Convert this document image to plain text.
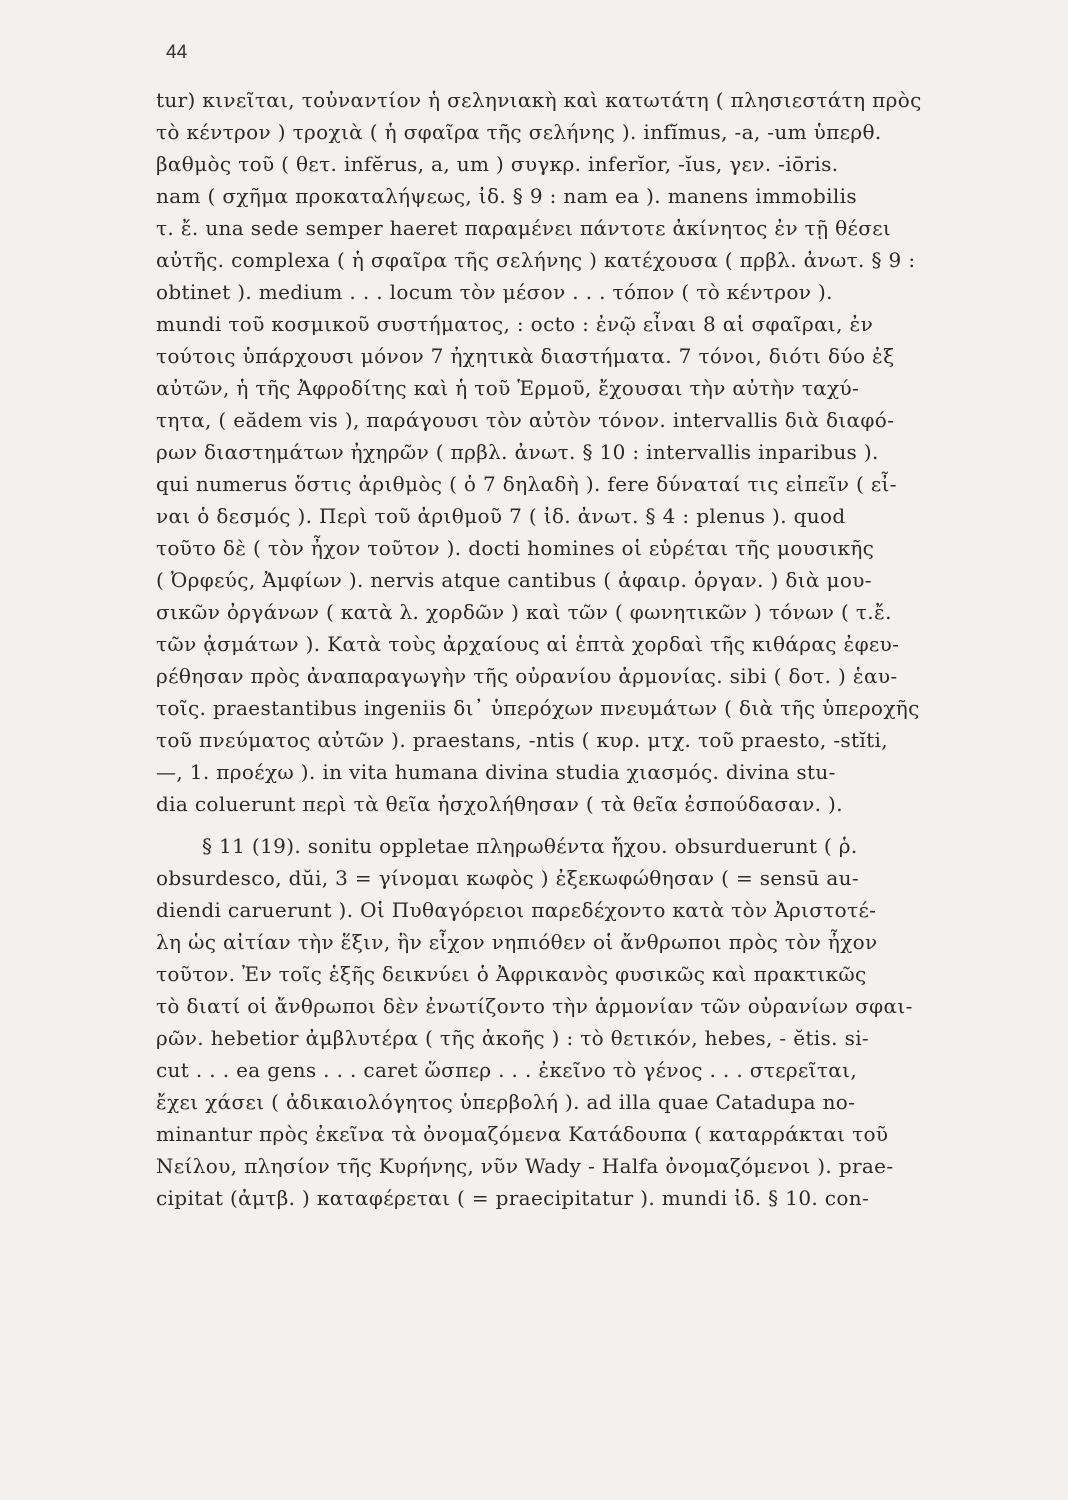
44
tur) κινεῖται, τοὐναντίον ἡ σεληνιακὴ καὶ κατωτάτη ( πλησιεστάτη πρὸς
τὸ κέντρον ) τροχιὰ ( ἡ σφαῖρα τῆς σελήνης ). infĭmus, -a, -um ὑπερθ.
βαθμὸς τοῦ ( θετ. infĕrus, a, um ) συγκρ. inferĭor, -ĭus, γεν. -iōris.
nam ( σχῆμα προκαταλήψεως, ἰδ. § 9 : nam ea ). manens immobilis
τ. ἔ. una sede semper haeret παραμένει πάντοτε ἀκίνητος ἐν τῇ θέσει
αὐτῆς. complexa ( ἡ σφαῖρα τῆς σελήνης ) κατέχουσα ( πρβλ. ἀνωτ. § 9 :
obtinet ). medium . . . locum τὸν μέσον . . . τόπον ( τὸ κέντρον ).
mundi τοῦ κοσμικοῦ συστήματος, : octo : ἐνῷ εἶναι 8 αἱ σφαῖραι, ἐν
τούτοις ὑπάρχουσι μόνον 7 ἠχητικὰ διαστήματα. 7 τόνοι, διότι δύο ἐξ
αὐτῶν, ἡ τῆς Ἀφροδίτης καὶ ἡ τοῦ Ἑρμοῦ, ἔχουσαι τὴν αὐτὴν ταχύ-
τητα, ( eădem vis ), παράγουσι τὸν αὐτὸν τόνον. intervallis διὰ διαφό-
ρων διαστημάτων ἠχηρῶν ( πρβλ. ἀνωτ. § 10 : intervallis inparibus ).
qui numerus ὅστις ἀριθμὸς ( ὁ 7 δηλαδὴ ). fere δύναταί τις εἰπεῖν ( εἶ-
ναι ὁ δεσμός ). Περὶ τοῦ ἀριθμοῦ 7 ( ἰδ. ἀνωτ. § 4 : plenus ). quod
τοῦτο δὲ ( τὸν ἦχον τοῦτον ). docti homines οἱ εὑρέται τῆς μουσικῆς
( Ὀρφεύς, Ἀμφίων ). nervis atque cantibus ( ἀφαιρ. ὀργαν. ) διὰ μου-
σικῶν ὀργάνων ( κατὰ λ. χορδῶν ) καὶ τῶν ( φωνητικῶν ) τόνων ( τ.ἔ.
τῶν ᾀσμάτων ). Κατὰ τοὺς ἀρχαίους αἱ ἑπτὰ χορδαὶ τῆς κιθάρας ἐφευ-
ρέθησαν πρὸς ἀναπαραγωγὴν τῆς οὐρανίου ἁρμονίας. sibi ( δοτ. ) ἑαυ-
τοῖς. praestantibus ingeniis δι᾽ ὑπερόχων πνευμάτων ( διὰ τῆς ὑπεροχῆς
τοῦ πνεύματος αὐτῶν ). praestans, -ntis ( κυρ. μτχ. τοῦ praesto, -stĭti,
—, 1. προέχω ). in vita humana divina studia χιασμός. divina stu-
dia coluerunt περὶ τὰ θεῖα ἠσχολήθησαν ( τὰ θεῖα ἐσπούδασαν. ).
§ 11 (19). sonitu oppletae πληρωθέντα ἤχου. obsurduerunt ( ῥ.
obsurdesco, dŭi, 3 = γίνομαι κωφὸς ) ἐξεκωφώθησαν ( = sensū au-
diendi caruerunt ). Οἱ Πυθαγόρειοι παρεδέχοντο κατὰ τὸν Ἀριστοτέ-
λη ὡς αἰτίαν τὴν ἕξιν, ἣν εἶχον νηπιόθεν οἱ ἄνθρωποι πρὸς τὸν ἦχον
τοῦτον. Ἐν τοῖς ἑξῆς δεικνύει ὁ Ἀφρικανὸς φυσικῶς καὶ πρακτικῶς
τὸ διατί οἱ ἄνθρωποι δὲν ἐνωτίζοντο τὴν ἁρμονίαν τῶν οὐρανίων σφαι-
ρῶν. hebetior ἀμβλυτέρα ( τῆς ἀκοῆς ) : τὸ θετικόν, hebes, - ĕtis. si-
cut . . . ea gens . . . caret ὥσπερ . . . ἐκεῖνο τὸ γένος . . . στερεῖται,
ἔχει χάσει ( ἀδικαιολόγητος ὑπερβολή ). ad illa quae Catadupa no-
minantur πρὸς ἐκεῖνα τὰ ὀνομαζόμενα Κατάδουπα ( καταρράκται τοῦ
Νείλου, πλησίον τῆς Κυρήνης, νῦν Wady - Halfa ὀνομαζόμενοι ). prae-
cipitat (ἀμτβ. ) καταφέρεται ( = praecipitatur ). mundi ἰδ. § 10. con-
